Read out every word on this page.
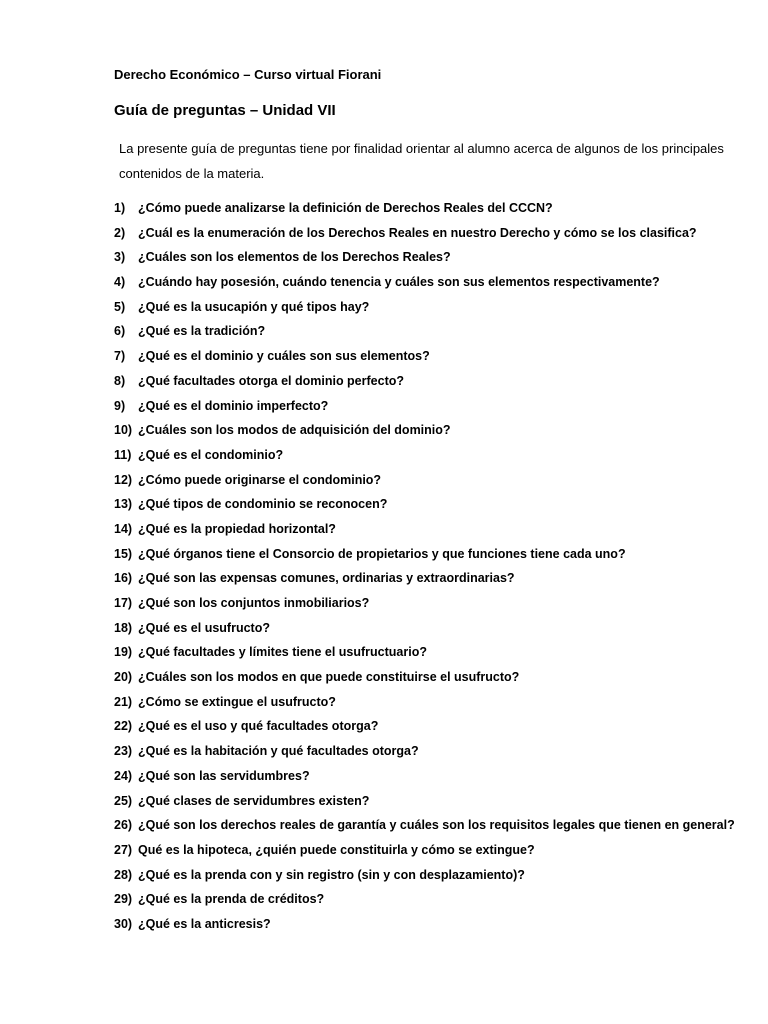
Derecho Económico – Curso virtual Fiorani
Guía de preguntas – Unidad VII
La presente guía de preguntas tiene por finalidad orientar al alumno acerca de algunos de los principales
contenidos de la materia.
1) ¿Cómo puede analizarse la definición de Derechos Reales del CCCN?
2) ¿Cuál es la enumeración de los Derechos Reales en nuestro Derecho y cómo se los clasifica?
3) ¿Cuáles son los elementos de los Derechos Reales?
4) ¿Cuándo hay posesión, cuándo tenencia y cuáles son sus elementos respectivamente?
5) ¿Qué es la usucapión y qué tipos hay?
6) ¿Qué es la tradición?
7) ¿Qué es el dominio y cuáles son sus elementos?
8) ¿Qué facultades otorga el dominio perfecto?
9) ¿Qué es el dominio imperfecto?
10) ¿Cuáles son los modos de adquisición del dominio?
11) ¿Qué es el condominio?
12) ¿Cómo puede originarse el condominio?
13) ¿Qué tipos de condominio se reconocen?
14) ¿Qué es la propiedad horizontal?
15) ¿Qué órganos tiene el Consorcio de propietarios y que funciones tiene cada uno?
16) ¿Qué son las expensas comunes, ordinarias y extraordinarias?
17) ¿Qué son los conjuntos inmobiliarios?
18) ¿Qué es el usufructo?
19) ¿Qué facultades y límites tiene el usufructuario?
20) ¿Cuáles son los modos en que puede constituirse el usufructo?
21) ¿Cómo se extingue el usufructo?
22) ¿Qué es el uso y qué facultades otorga?
23) ¿Qué es la habitación y qué facultades otorga?
24) ¿Qué son las servidumbres?
25) ¿Qué clases de servidumbres existen?
26) ¿Qué son los derechos reales de garantía y cuáles son los requisitos legales que tienen en general?
27) Qué es la hipoteca, ¿quién puede constituirla y cómo se extingue?
28) ¿Qué es la prenda con y sin registro (sin y con desplazamiento)?
29) ¿Qué es la prenda de créditos?
30) ¿Qué es la anticresis?
